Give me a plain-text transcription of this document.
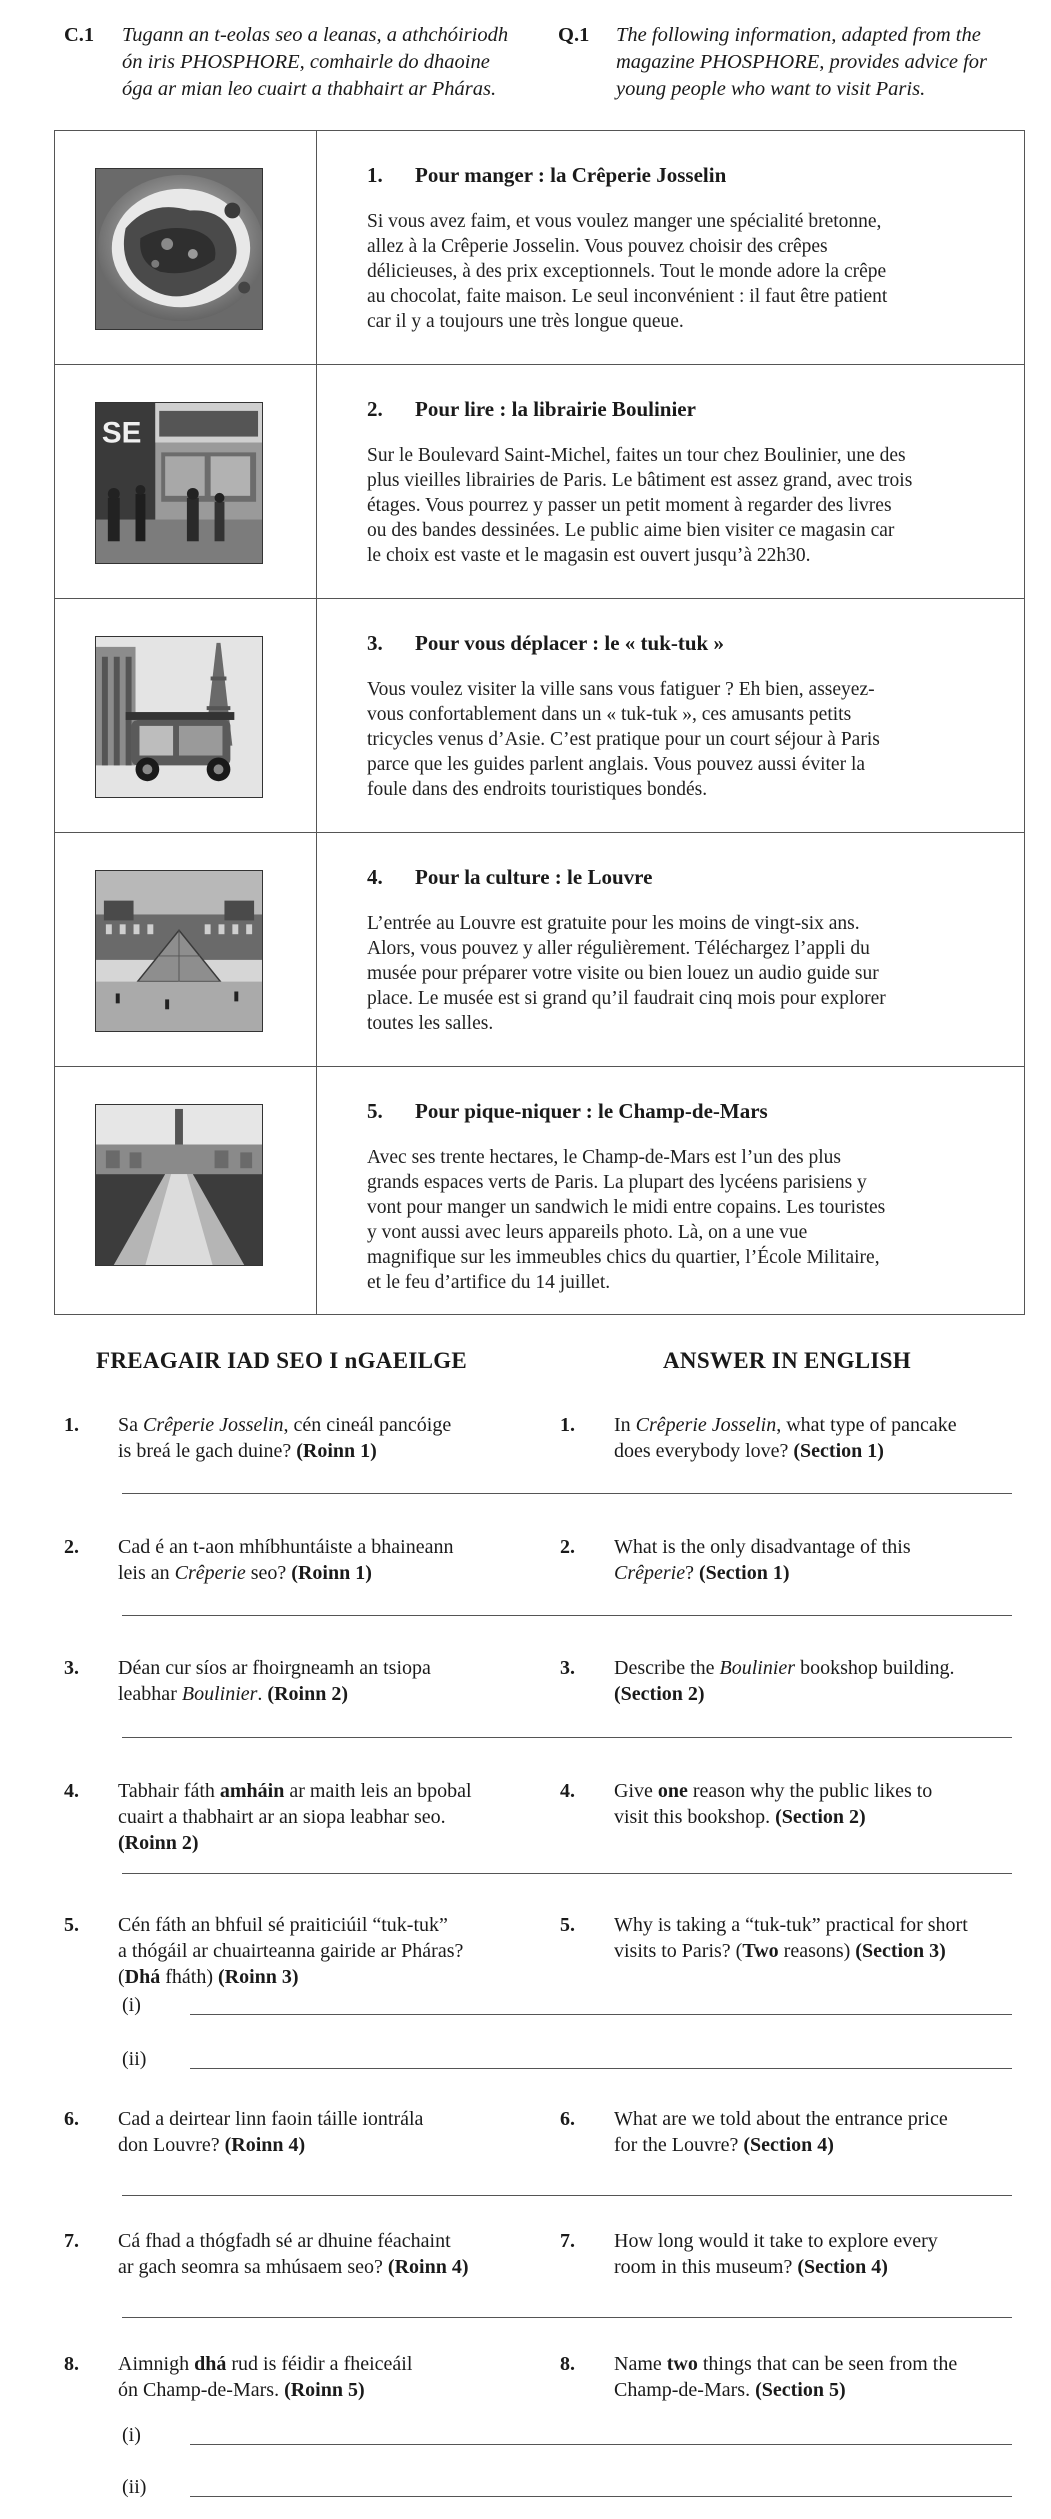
C.1 Tugann an t-eolas seo a leanas, a athchóiriodh
ón iris PHOSPHORE, comhairle do dhaoine
óga ar mian leo cuairt a thabhairt ar Pháras.
Q.1 The following information, adapted from the
magazine PHOSPHORE, provides advice for
young people who want to visit Paris.
1. Pour manger : la Crêperie Josselin
Si vous avez faim, et vous voulez manger une spécialité bretonne,
allez à la Crêperie Josselin. Vous pouvez choisir des crêpes
délicieuses, à des prix exceptionnels. Tout le monde adore la crêpe
au chocolat, faite maison. Le seul inconvénient : il faut être patient
car il y a toujours une très longue queue.
SE
2. Pour lire : la librairie Boulinier
Sur le Boulevard Saint-Michel, faites un tour chez Boulinier, une des
plus vieilles librairies de Paris. Le bâtiment est assez grand, avec trois
étages. Vous pourrez y passer un petit moment à regarder des livres
ou des bandes dessinées. Le public aime bien visiter ce magasin car
le choix est vaste et le magasin est ouvert jusqu’à 22h30.
3. Pour vous déplacer : le « tuk-tuk »
Vous voulez visiter la ville sans vous fatiguer ? Eh bien, asseyez-
vous confortablement dans un « tuk-tuk », ces amusants petits
tricycles venus d’Asie. C’est pratique pour un court séjour à Paris
parce que les guides parlent anglais. Vous pouvez aussi éviter la
foule dans des endroits touristiques bondés.
4. Pour la culture : le Louvre
L’entrée au Louvre est gratuite pour les moins de vingt-six ans.
Alors, vous pouvez y aller régulièrement. Téléchargez l’appli du
musée pour préparer votre visite ou bien louez un audio guide sur
place. Le musée est si grand qu’il faudrait cinq mois pour explorer
toutes les salles.
5. Pour pique-niquer : le Champ-de-Mars
Avec ses trente hectares, le Champ-de-Mars est l’un des plus
grands espaces verts de Paris. La plupart des lycéens parisiens y
vont pour manger un sandwich le midi entre copains. Les touristes
y vont aussi avec leurs appareils photo. Là, on a une vue
magnifique sur les immeubles chics du quartier, l’École Militaire,
et le feu d’artifice du 14 juillet.
FREAGAIR IAD SEO I nGAEILGE	ANSWER IN ENGLISH
1. Sa Crêperie Josselin, cén cineál pancóige
is breá le gach duine? (Roinn 1)
1. In Crêperie Josselin, what type of pancake
does everybody love? (Section 1)
2. Cad é an t-aon mhíbhuntáiste a bhaineann
leis an Crêperie seo? (Roinn 1)
2. What is the only disadvantage of this
Crêperie? (Section 1)
3. Déan cur síos ar fhoirgneamh an tsiopa
leabhar Boulinier. (Roinn 2)
3. Describe the Boulinier bookshop building.
(Section 2)
4. Tabhair fáth amháin ar maith leis an bpobal
cuairt a thabhairt ar an siopa leabhar seo.
(Roinn 2)
4. Give one reason why the public likes to
visit this bookshop. (Section 2)
5. Cén fáth an bhfuil sé praiticiúil “tuk-tuk”
a thógáil ar chuairteanna gairide ar Pháras?
(Dhá fháth) (Roinn 3)
5. Why is taking a “tuk-tuk” practical for short
visits to Paris? (Two reasons) (Section 3)
(i)
(ii)
6. Cad a deirtear linn faoin táille iontrála
don Louvre? (Roinn 4)
6. What are we told about the entrance price
for the Louvre? (Section 4)
7. Cá fhad a thógfadh sé ar dhuine féachaint
ar gach seomra sa mhúsaem seo? (Roinn 4)
7. How long would it take to explore every
room in this museum? (Section 4)
8. Aimnigh dhá rud is féidir a fheiceáil
ón Champ-de-Mars. (Roinn 5)
8. Name two things that can be seen from the
Champ-de-Mars. (Section 5)
(i)
(ii)
